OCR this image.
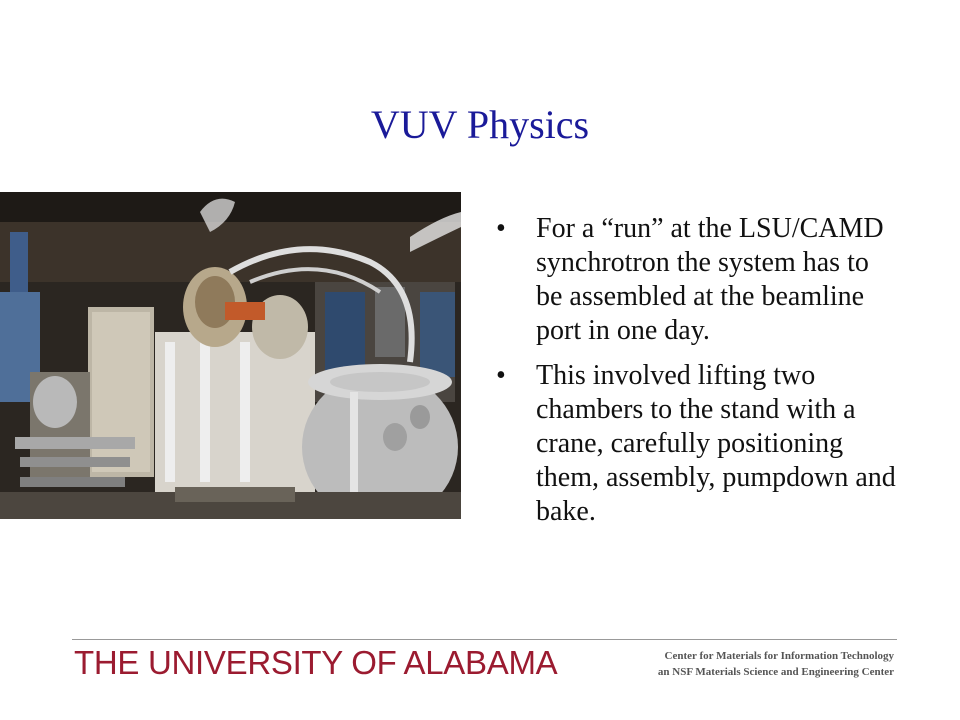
VUV Physics
• For a “run” at the LSU/CAMD synchrotron the system has to be assembled at the beamline port in one day.
• This involved lifting two chambers to the stand with a crane, carefully positioning them, assembly, pumpdown and bake.
THE UNIVERSITY OF ALABAMA	Center for Materials for Information Technology
an NSF Materials Science and Engineering Center
